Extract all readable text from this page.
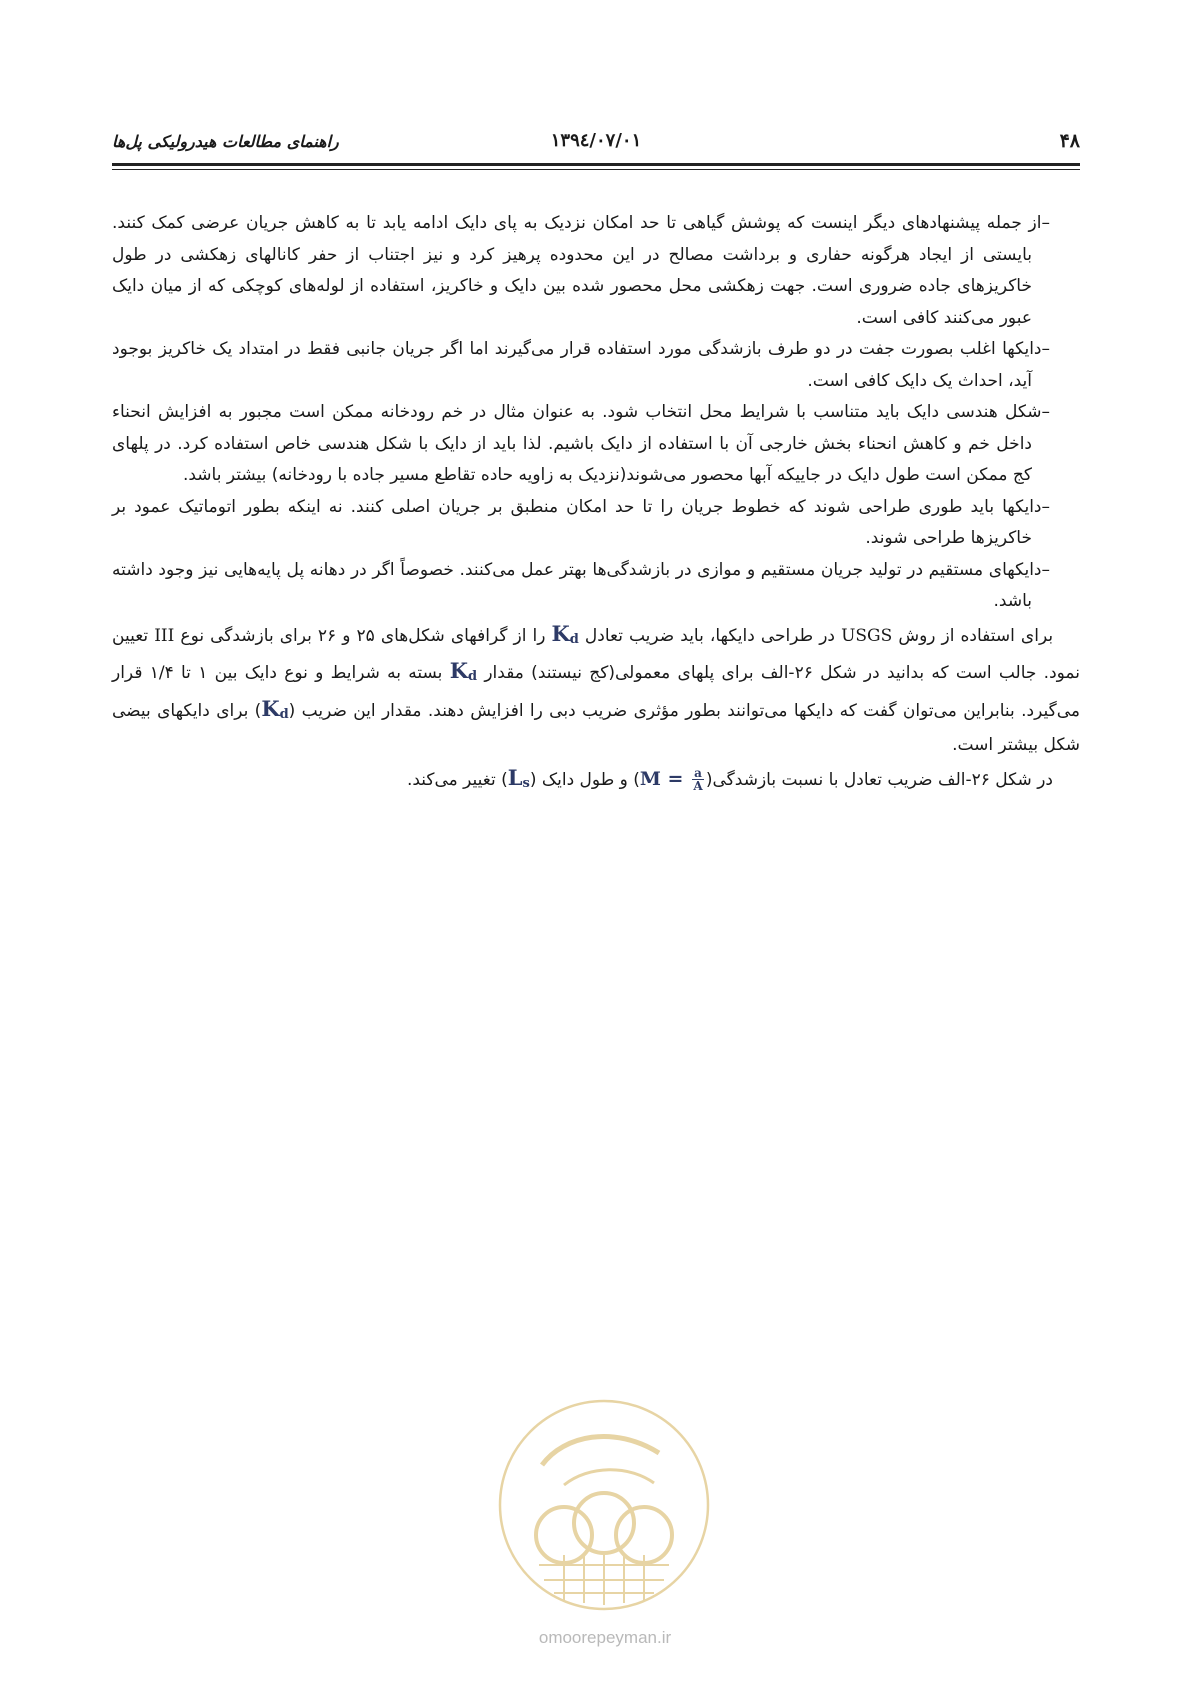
راهنمای مطالعات هیدرولیکی پل‌ها	۱۳۹٤/۰۷/۰۱	۴۸

–از جمله پیشنهادهای دیگر اینست که پوشش گیاهی تا حد امکان نزدیک به پای دایک ادامه یابد تا به کاهش جریان عرضی کمک کنند. بایستی از ایجاد هرگونه حفاری و برداشت مصالح در این محدوده پرهیز کرد و نیز اجتناب از حفر کانالهای زهکشی در طول خاکریزهای جاده ضروری است. جهت زهکشی محل محصور شده بین دایک و خاکریز، استفاده از لوله‌های کوچکی که از میان دایک عبور می‌کنند کافی است.

–دایکها اغلب بصورت جفت در دو طرف بازشدگی مورد استفاده قرار می‌گیرند اما اگر جریان جانبی فقط در امتداد یک خاکریز بوجود آید، احداث یک دایک کافی است.

–شکل هندسی دایک باید متناسب با شرایط محل انتخاب شود. به عنوان مثال در خم رودخانه ممکن است مجبور به افزایش انحناء داخل خم و کاهش انحناء بخش خارجی آن با استفاده از دایک باشیم. لذا باید از دایک با شکل هندسی خاص استفاده کرد. در پلهای کج ممکن است طول دایک در جاییکه آبها محصور می‌شوند(نزدیک به زاویه حاده تقاطع مسیر جاده با رودخانه) بیشتر باشد.

–دایکها باید طوری طراحی شوند که خطوط جریان را تا حد امکان منطبق بر جریان اصلی کنند. نه اینکه بطور اتوماتیک عمود بر خاکریزها طراحی شوند.

–دایکهای مستقیم در تولید جریان مستقیم و موازی در بازشدگی‌ها بهتر عمل می‌کنند. خصوصاً اگر در دهانه پل پایه‌هایی نیز وجود داشته باشد.

برای استفاده از روش USGS در طراحی دایکها، باید ضریب تعادل $K_d$ را از گرافهای شکل‌های ۲۵ و ۲۶ برای بازشدگی نوع III تعیین نمود. جالب است که بدانید در شکل ۲۶-الف برای پلهای معمولی(کج نیستند) مقدار $K_d$ بسته به شرایط و نوع دایک بین ۱ تا ۱/۴ قرار می‌گیرد. بنابراین می‌توان گفت که دایکها می‌توانند بطور مؤثری ضریب دبی را افزایش دهند. مقدار این ضریب $(K_d)$ برای دایکهای بیضی شکل بیشتر است.

در شکل ۲۶-الف ضریب تعادل با نسبت بازشدگی(M = $\frac{a}{A}$
) و طول دایک $(L_s)$ تغییر می‌کند.

omoorepeyman.ir
